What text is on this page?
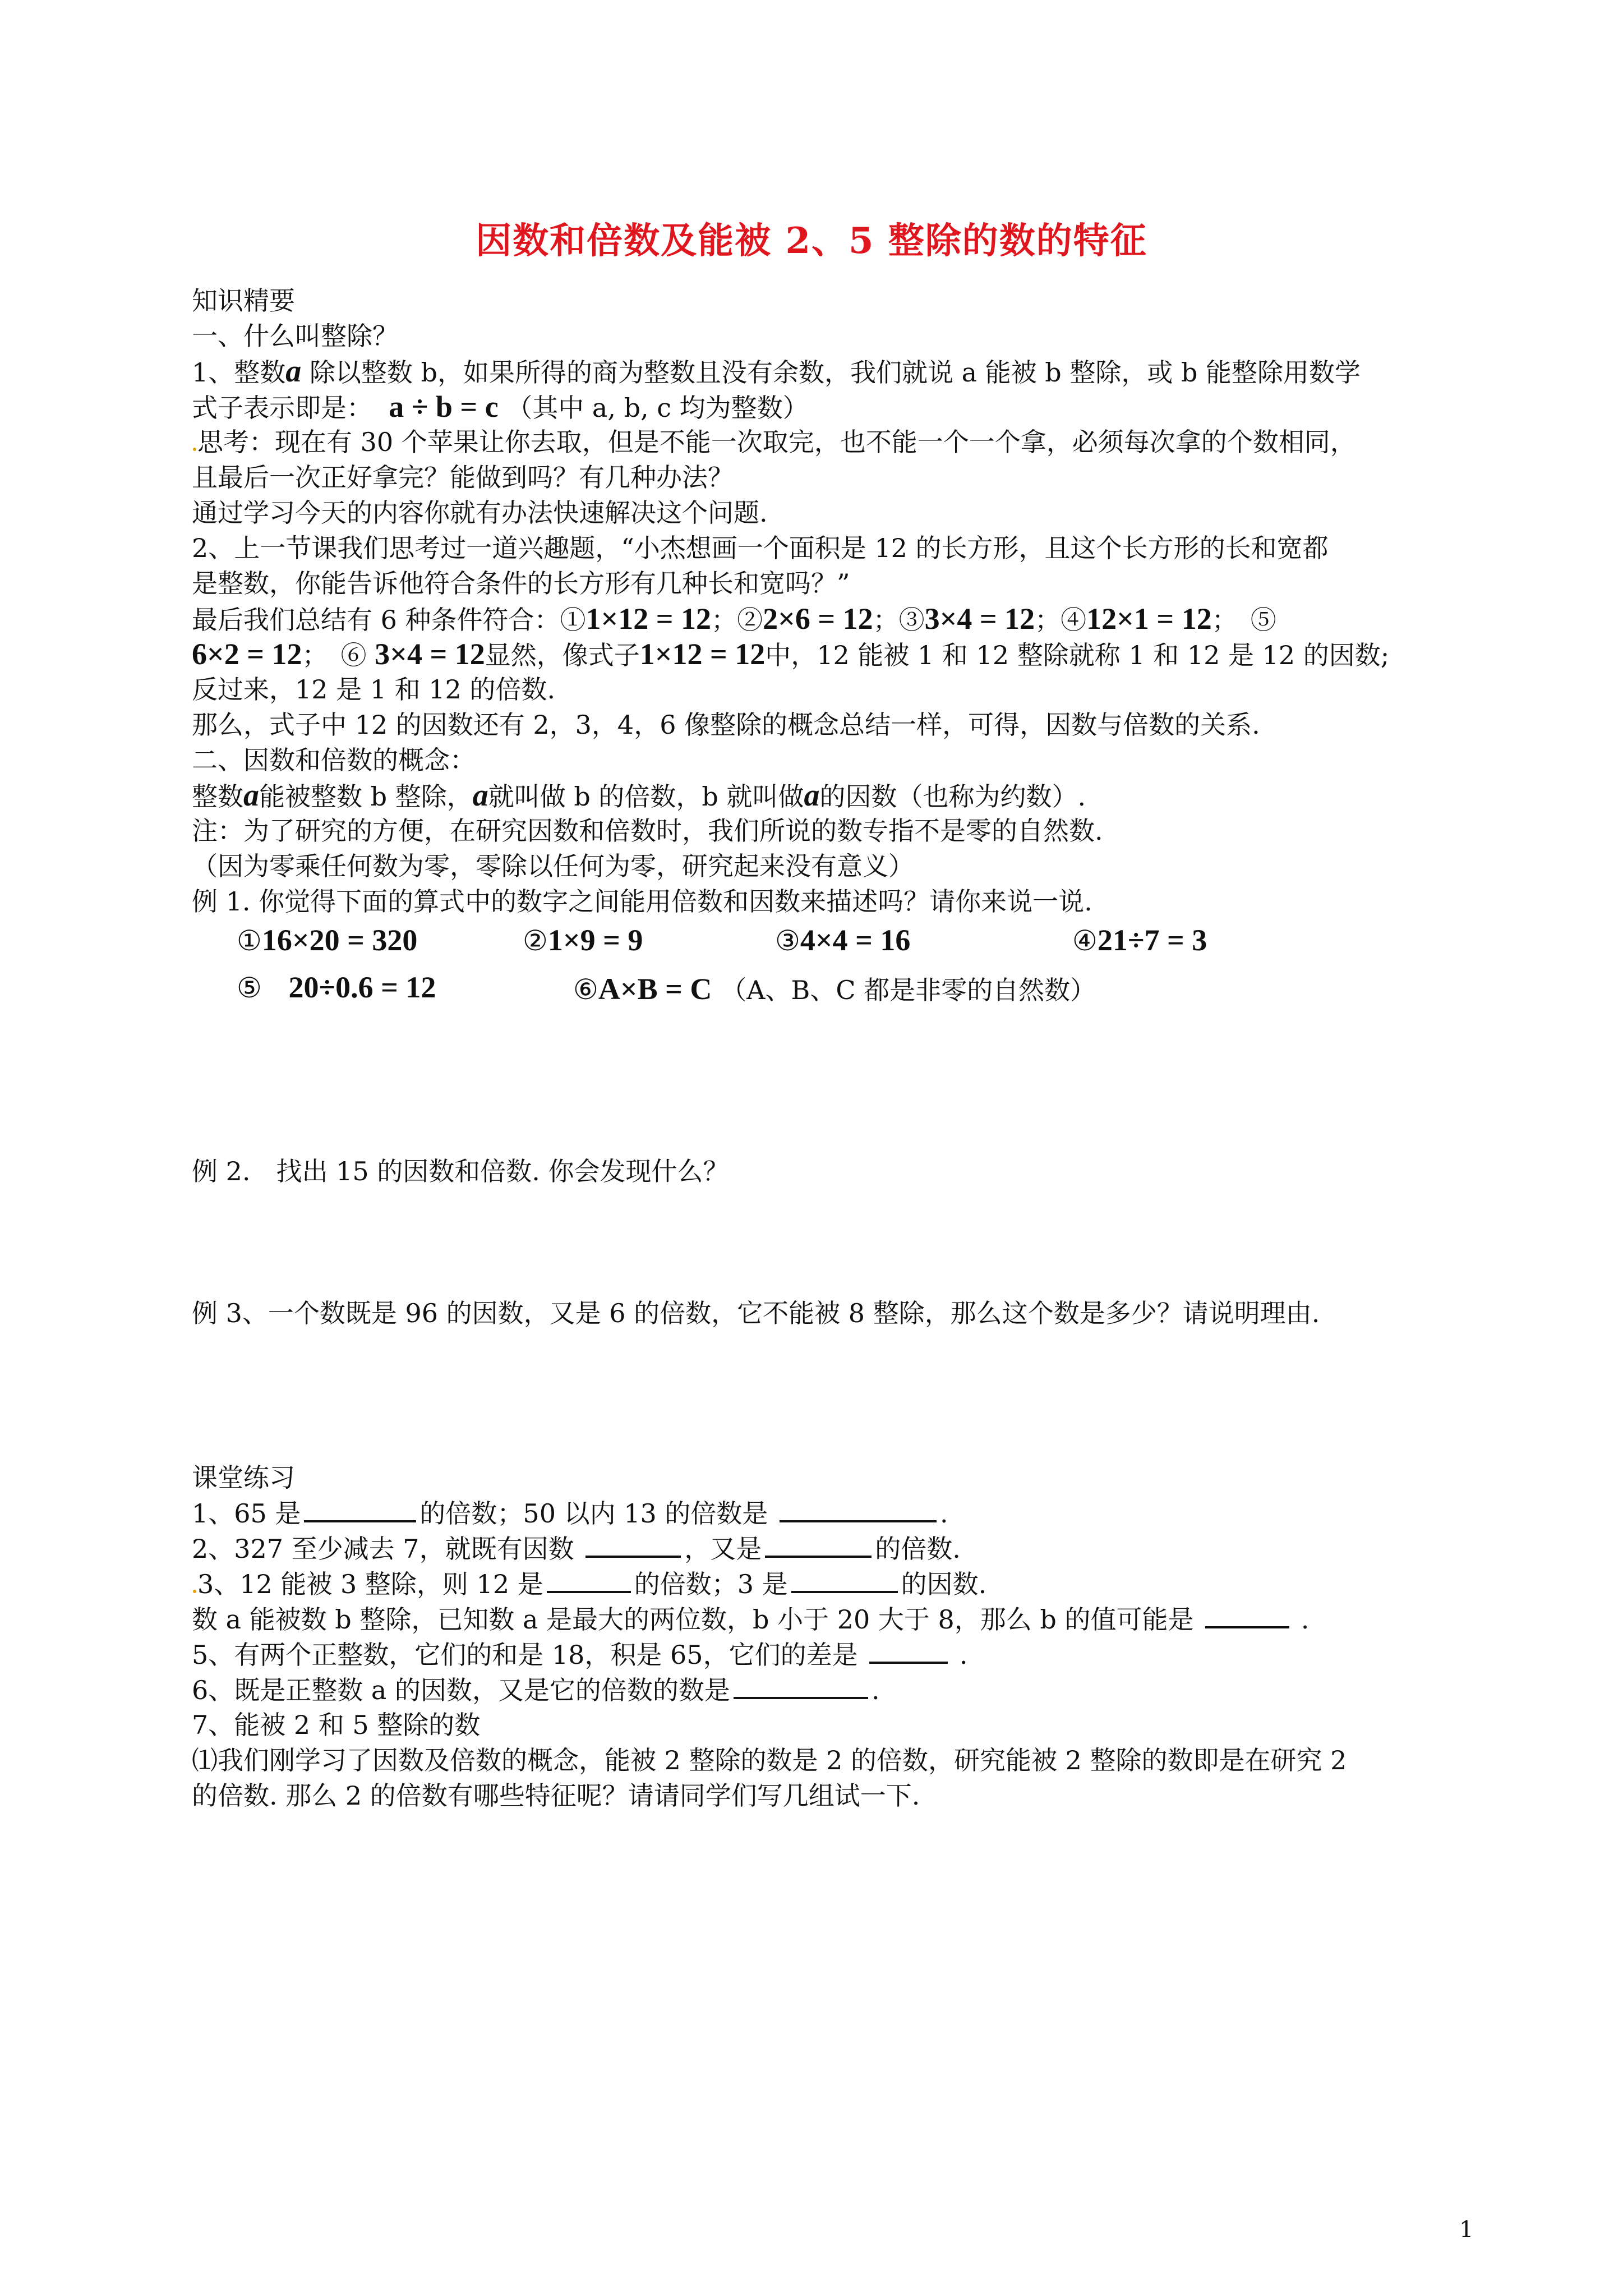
因数和倍数及能被 2、5 整除的数的特征
知识精要
一、什么叫整除？
1、整数a 除以整数 b，如果所得的商为整数且没有余数，我们就说 a 能被 b 整除，或 b 能整除用数学
式子表示即是： a ÷ b = c （其中 a, b, c 均为整数）
思考：现在有 30 个苹果让你去取，但是不能一次取完，也不能一个一个拿，必须每次拿的个数相同，
且最后一次正好拿完？能做到吗？有几种办法？
通过学习今天的内容你就有办法快速解决这个问题.
2、上一节课我们思考过一道兴趣题，“小杰想画一个面积是 12 的长方形，且这个长方形的长和宽都
是整数，你能告诉他符合条件的长方形有几种长和宽吗？”
最后我们总结有 6 种条件符合：①1×12 = 12；②2×6 = 12；③3×4 = 12；④12×1 = 12；　⑤
6×2 = 12；　⑥ 3×4 = 12显然，像式子1×12 = 12中，12 能被 1 和 12 整除就称 1 和 12 是 12 的因数;
反过来，12 是 1 和 12 的倍数.
那么，式子中 12 的因数还有 2，3，4，6 像整除的概念总结一样，可得，因数与倍数的关系.
二、因数和倍数的概念：
整数a能被整数 b 整除，a就叫做 b 的倍数，b 就叫做a的因数（也称为约数）.
注：为了研究的方便，在研究因数和倍数时，我们所说的数专指不是零的自然数.
（因为零乘任何数为零，零除以任何为零，研究起来没有意义）
例 1. 你觉得下面的算式中的数字之间能用倍数和因数来描述吗？请你来说一说.
①16×20 = 320	②1×9 = 9	③4×4 = 16	④21÷7 = 3
⑤ 20÷0.6 = 12	⑥A×B = C （A、B、C 都是非零的自然数）
例 2.　找出 15 的因数和倍数. 你会发现什么？
例 3、一个数既是 96 的因数，又是 6 的倍数，它不能被 8 整除，那么这个数是多少？请说明理由.
课堂练习
1、65 是	的倍数；50 以内 13 的倍数是	.
2、327 至少减去 7，就既有因数	，又是	的倍数.
3、12 能被 3 整除，则 12 是	的倍数；3 是	的因数.
数 a 能被数 b 整除，已知数 a 是最大的两位数，b 小于 20 大于 8，那么 b 的值可能是	.
5、有两个正整数，它们的和是 18，积是 65，它们的差是	.
6、既是正整数 a 的因数，又是它的倍数的数是	.
7、能被 2 和 5 整除的数
⑴我们刚学习了因数及倍数的概念，能被 2 整除的数是 2 的倍数，研究能被 2 整除的数即是在研究 2
的倍数. 那么 2 的倍数有哪些特征呢？请请同学们写几组试一下.
1
